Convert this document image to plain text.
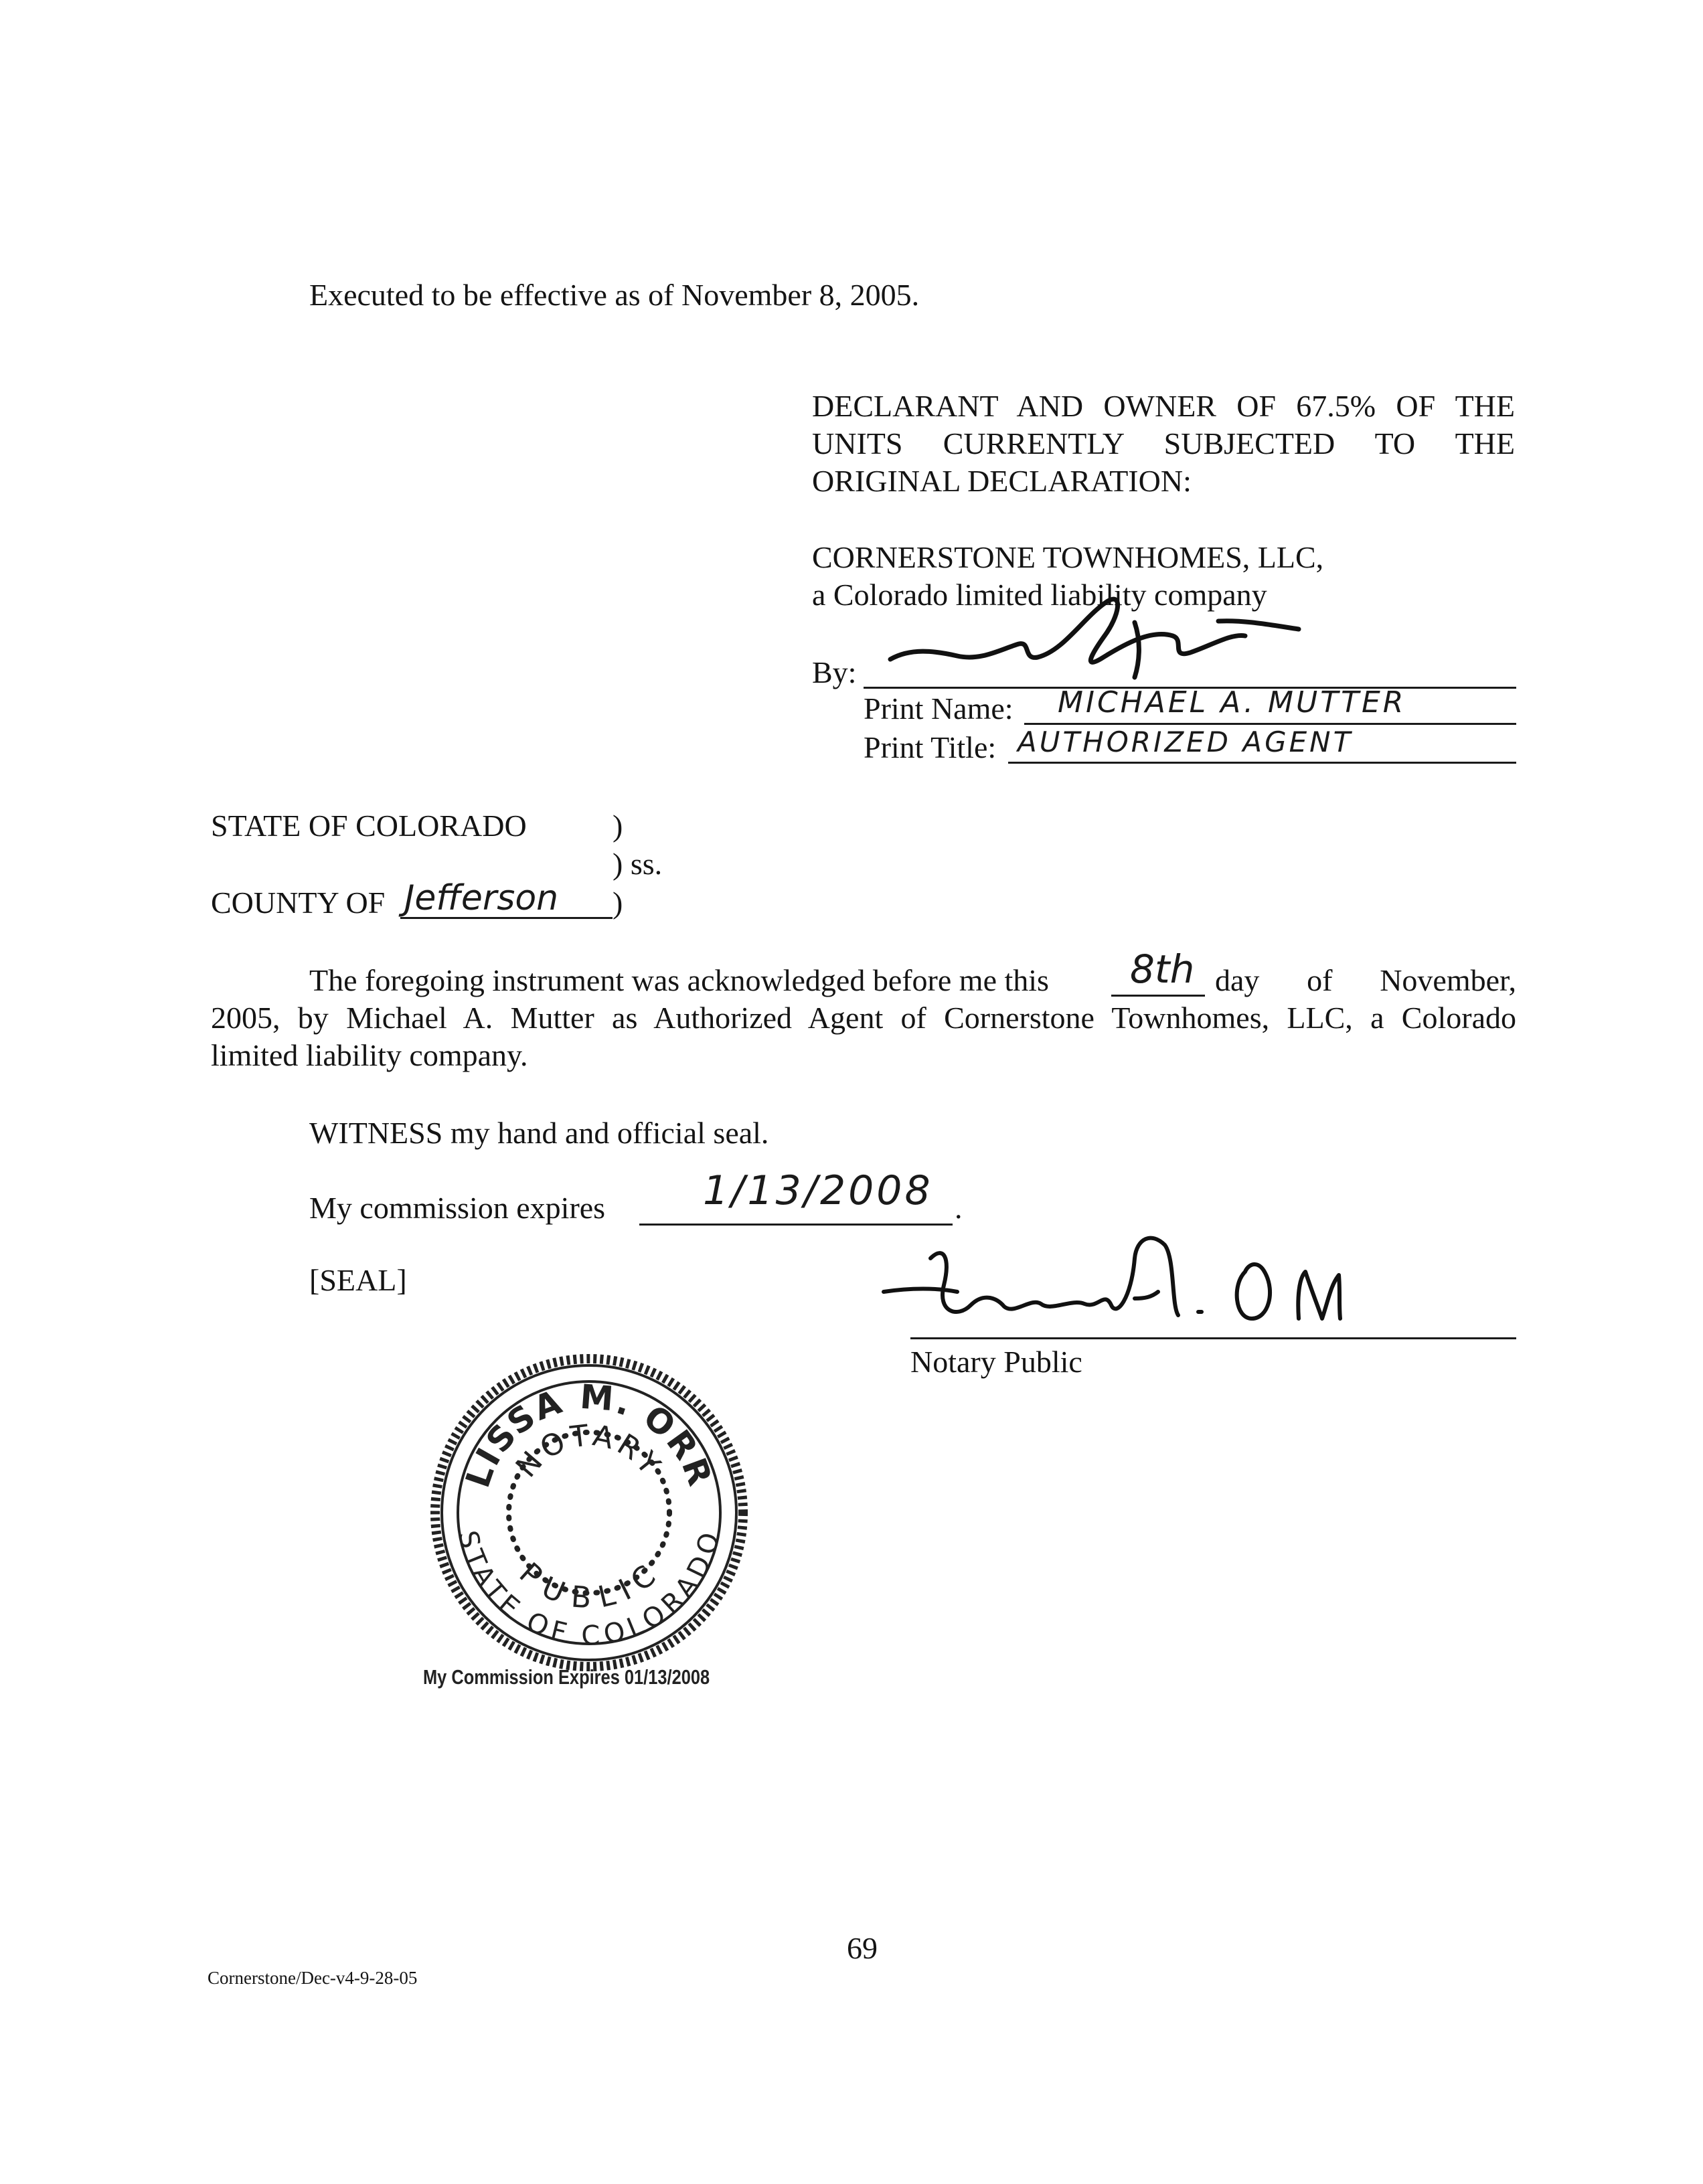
Executed to be effective as of November 8, 2005.
DECLARANT AND OWNER OF 67.5% OF THE
UNITS CURRENTLY SUBJECTED TO THE
ORIGINAL DECLARATION:
CORNERSTONE TOWNHOMES, LLC,
a Colorado limited liability company
By:
Print Name: MICHAEL A. MUTTER
Print Title: AUTHORIZED AGENT
STATE OF COLORADO	)
) ss.
COUNTY OF Jefferson )
The foregoing instrument was acknowledged before me this 8th day of November,
2005, by Michael A. Mutter as Authorized Agent of Cornerstone Townhomes, LLC, a Colorado
limited liability company.
WITNESS my hand and official seal.
My commission expires 1/13/2008 .
[SEAL]
Notary Public
LISSA M. ORR
NOTARY
PUBLIC
STATE OF COLORADO
My Commission Expires 01/13/2008
69
Cornerstone/Dec-v4-9-28-05
